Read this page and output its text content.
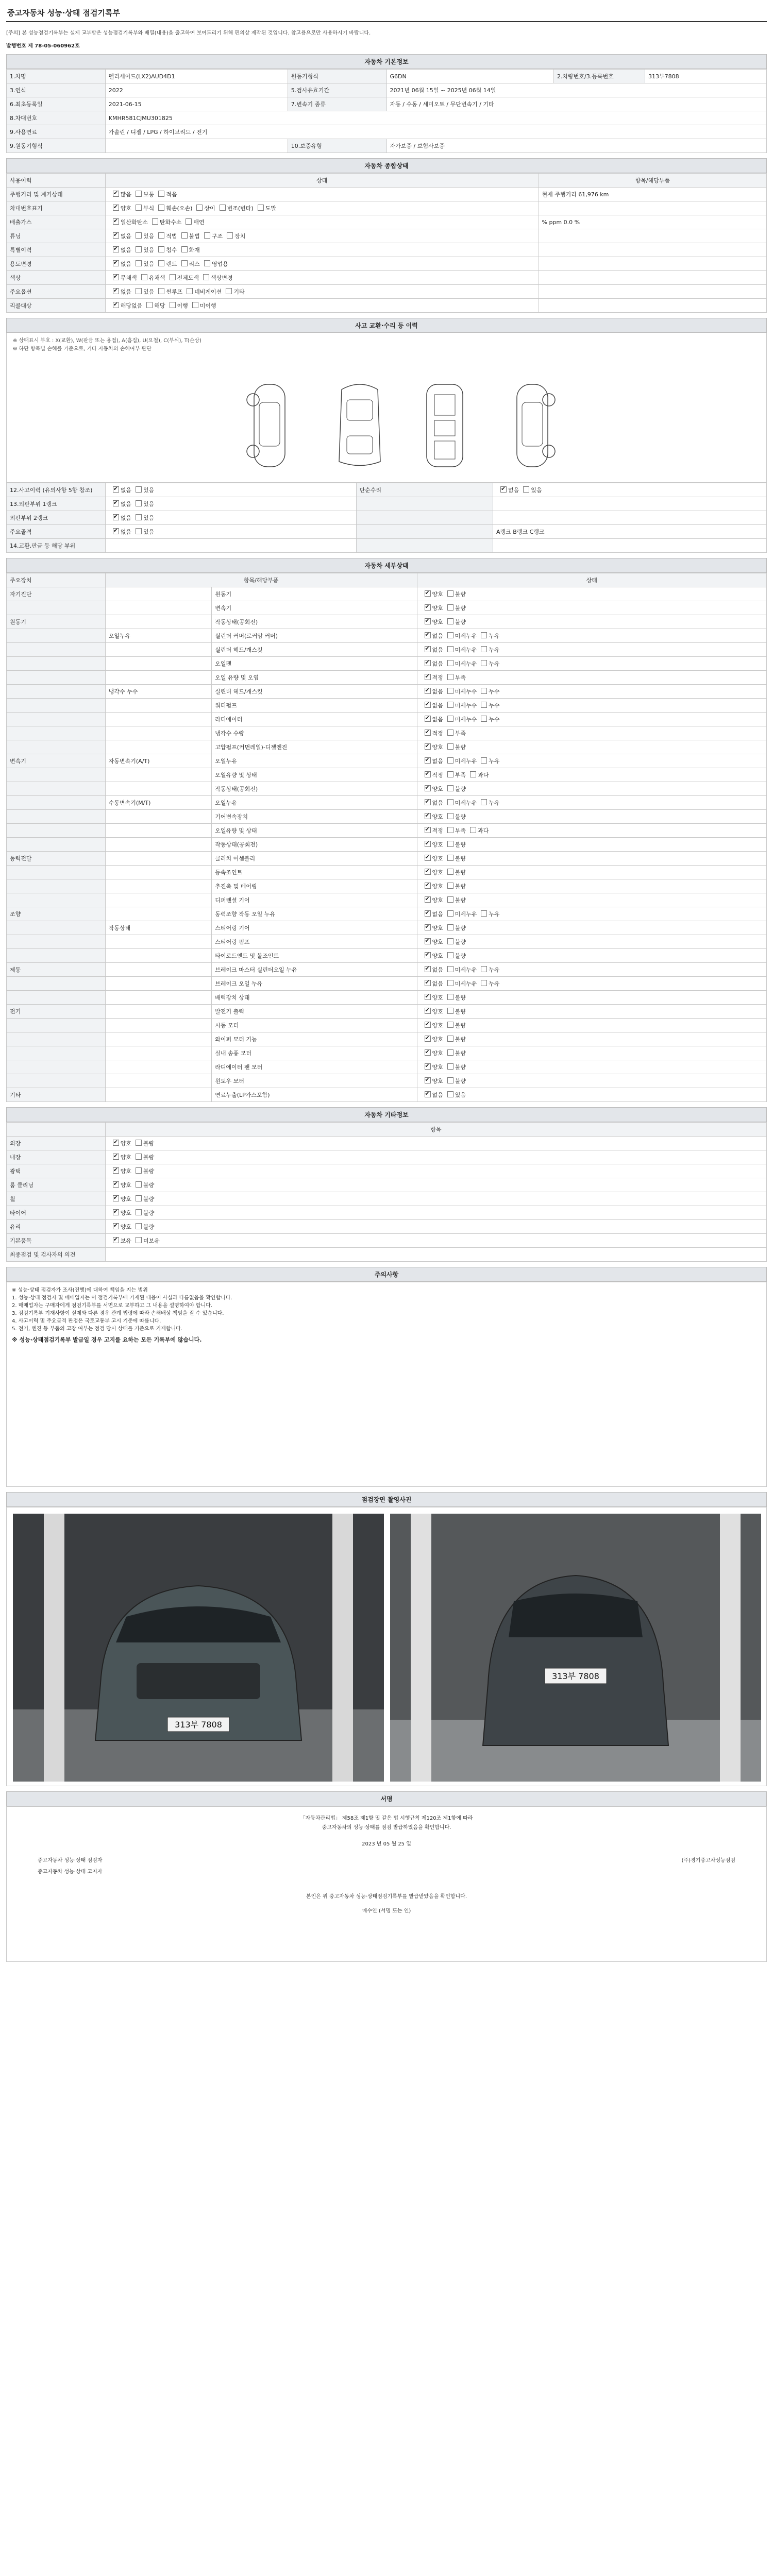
중고자동차 성능·상태 점검기록부
[주의] 본 성능점검기록부는 실제 교부받은 성능점검기록부와 배열(내용)을 출고하여 보여드리기 위해 편의상 제작된 것입니다. 참고용으로만 사용하시기 바랍니다.
발행번호 제 78-05-060962호
자동차 기본정보
1.차명	펠리세이드(LX2)AUD4D1	원동기형식	G6DN	2.차량번호/3.등록번호	313부7808
3.연식	2022	5.검사유효기간	2021년 06월 15일 ~ 2025년 06월 14일		
6.최초등록일	2021-06-15	7.변속기 종류	자동 / 수동 / 세미오토 / 무단변속기 / 기타		
8.차대번호	KMHR581CJMU301825				
9.사용연료	가솔린 / 디젤 / LPG / 하이브리드 / 전기				
9.원동기형식		10.보증유형	자가보증 / 보험사보증		
자동차 종합상태
사용이력	상태	항목/해당부품
주행거리 및 계기상태	✔많음 보통 적음	현재 주행거리 61,976 km
차대번호표기	✔양호 부식 훼손(오손) 상이 변조(변타) 도말	
배출가스	✔일산화탄소 탄화수소 매연	% ppm 0.0 %
튜닝	✔없음 있음 적법 불법 구조 장치	
특별이력	✔없음 있음 침수 화재	
용도변경	✔없음 있음 렌트 리스 영업용	
색상	✔무채색 유채색 전체도색 색상변경	
주요옵션	✔없음 있음 썬루프 네비게이션 기타	
리콜대상	✔해당없음 해당 이행 미이행	
사고 교환·수리 등 이력
※ 상태표시 부호 : X(교환), W(판금 또는 용접), A(흠집), U(요철), C(부식), T(손상)
※ 하단 항목별 손해를 기준으로, 기타 자동차의 손해여부 판단
12.사고이력 (유의사항 5항 참조)	✔없음 있음	단순수리	✔없음 있음
13.외판부위 1랭크	✔없음 있음		
외판부위 2랭크	✔없음 있음		
주요골격	✔없음 있음		A랭크 B랭크 C랭크
14.교환,판금 등 해당 부위			
자동차 세부상태
주요장치	항목/해당부품		상태
자기진단		원동기	✔양호 불량
		변속기	✔양호 불량
원동기		작동상태(공회전)	✔양호 불량
	오일누유	실린더 커버(로커암 커버)	✔없음 미세누유 누유
		실린더 헤드/개스킷	✔없음 미세누유 누유
		오일팬	✔없음 미세누유 누유
		오일 유량 및 오염	✔적정 부족
	냉각수 누수	실린더 헤드/개스킷	✔없음 미세누수 누수
		워터펌프	✔없음 미세누수 누수
		라디에이터	✔없음 미세누수 누수
		냉각수 수량	✔적정 부족
		고압펌프(커먼레일)-디젤엔진	✔양호 불량
변속기	자동변속기(A/T)	오일누유	✔없음 미세누유 누유
		오일유량 및 상태	✔적정 부족 과다
		작동상태(공회전)	✔양호 불량
	수동변속기(M/T)	오일누유	✔없음 미세누유 누유
		기어변속장치	✔양호 불량
		오일유량 및 상태	✔적정 부족 과다
		작동상태(공회전)	✔양호 불량
동력전달		클러치 어셈블리	✔양호 불량
		등속조인트	✔양호 불량
		추진축 및 베어링	✔양호 불량
		디퍼렌셜 기어	✔양호 불량
조향		동력조향 작동 오일 누유	✔없음 미세누유 누유
	작동상태	스티어링 기어	✔양호 불량
		스티어링 펌프	✔양호 불량
		타이로드엔드 및 볼조인트	✔양호 불량
제동		브레이크 마스터 실린더오일 누유	✔없음 미세누유 누유
		브레이크 오일 누유	✔없음 미세누유 누유
		배력장치 상태	✔양호 불량
전기		발전기 출력	✔양호 불량
		시동 모터	✔양호 불량
		와이퍼 모터 기능	✔양호 불량
		실내 송풍 모터	✔양호 불량
		라디에이터 팬 모터	✔양호 불량
		윈도우 모터	✔양호 불량
기타		연료누출(LP가스포함)	✔없음 있음
자동차 기타정보
	항목
외장	✔양호 불량
내장	✔양호 불량
광택	✔양호 불량
룸 클리닝	✔양호 불량
휠	✔양호 불량
타이어	✔양호 불량
유리	✔양호 불량
기본품목	✔보유 미보유
최종점검 및 검사자의 의견	
주의사항
※ 성능·상태 점검자가 조사(진행)에 대하여 책임을 지는 범위
1. 성능·상태 점검자 및 매매업자는 이 점검기록부에 기재된 내용이 사실과 다름없음을 확인합니다.
2. 매매업자는 구매자에게 점검기록부를 서면으로 교부하고 그 내용을 설명하여야 합니다.
3. 점검기록부 기재사항이 실제와 다른 경우 관계 법령에 따라 손해배상 책임을 질 수 있습니다.
4. 사고이력 및 주요골격 판정은 국토교통부 고시 기준에 따릅니다.
5. 전기, 엔진 등 부품의 고장 여부는 점검 당시 상태를 기준으로 기재합니다.
※ 성능·상태점검기록부 발급일 경우 고지를 요하는 모든 기록부에 않습니다.
점검장면 촬영사진
313부 7808
313부 7808
서명
「자동차관리법」 제58조 제1항 및 같은 법 시행규칙 제120조 제1항에 따라
중고자동차의 성능·상태를 점검 발급하였음을 확인합니다.
2023 년 05 월 25 일
중고자동차 성능·상태 점검자	(주)경기중고차성능점검
중고자동차 성능·상태 고지자
본인은 위 중고자동차 성능·상태점검기록부를 발급받았음을 확인합니다.
매수인 (서명 또는 인)
